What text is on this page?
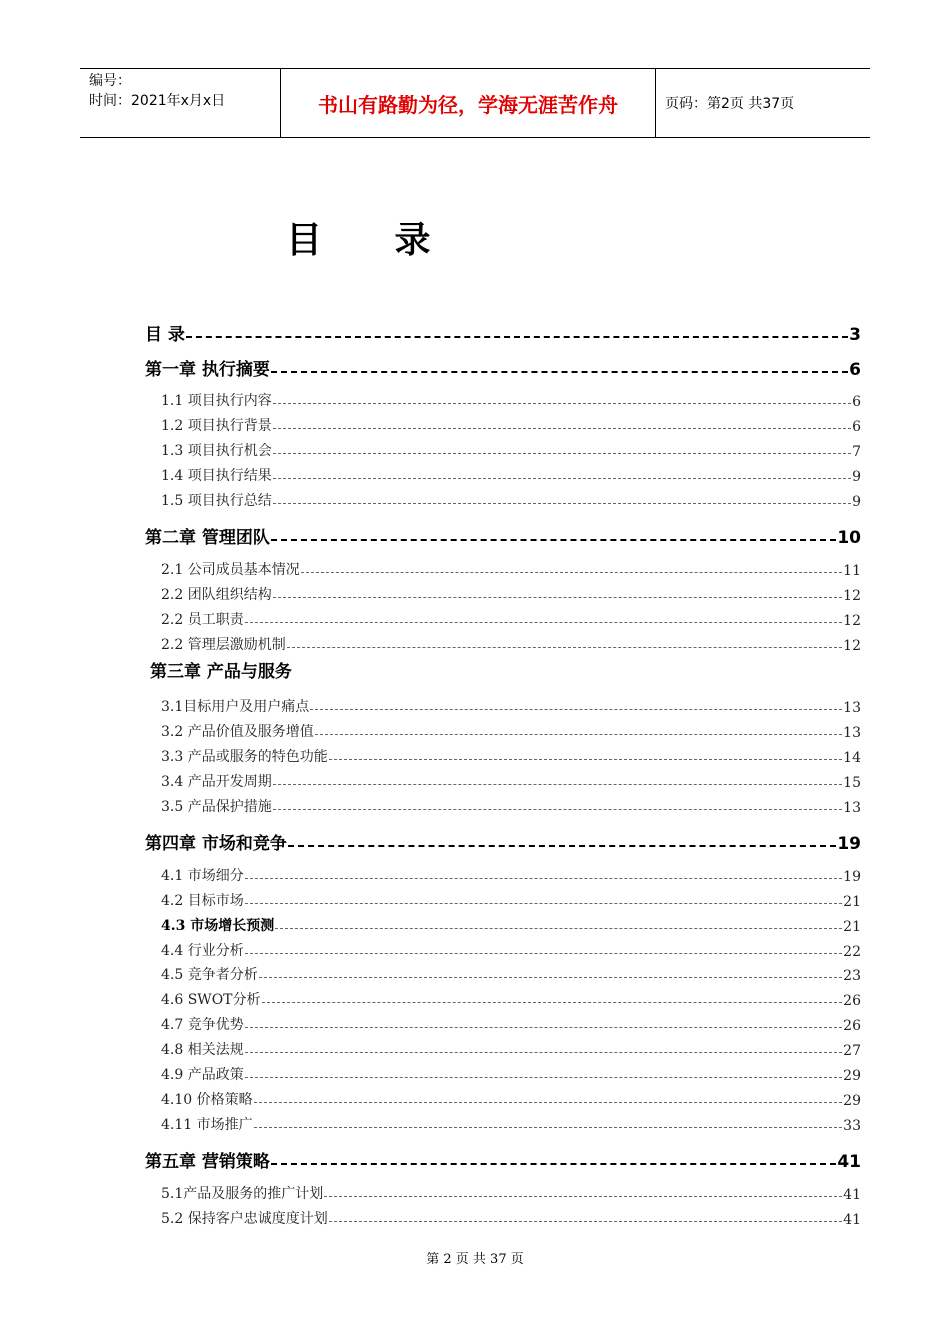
编号：
时间：2021年x月x日	书山有路勤为径，学海无涯苦作舟	页码：第2页 共37页
目 录
目 录	3
第一章 执行摘要	6
1.1 项目执行内容	6
1.2 项目执行背景	6
1.3 项目执行机会	7
1.4 项目执行结果	9
1.5 项目执行总结	9
第二章 管理团队	10
2.1 公司成员基本情况	11
2.2 团队组织结构	12
2.2 员工职责	12
2.2 管理层激励机制	12
第三章 产品与服务
3.1目标用户及用户痛点	13
3.2 产品价值及服务增值	13
3.3 产品或服务的特色功能	14
3.4 产品开发周期	15
3.5 产品保护措施	13
第四章 市场和竞争	19
4.1 市场细分	19
4.2 目标市场	21
4.3 市场增长预测	21
4.4 行业分析	22
4.5 竞争者分析	23
4.6 SWOT分析	26
4.7 竞争优势	26
4.8 相关法规	27
4.9 产品政策	29
4.10 价格策略	29
4.11 市场推广	33
第五章 营销策略	41
5.1产品及服务的推广计划	41
5.2 保持客户忠诚度度计划	41
第 2 页 共 37 页
